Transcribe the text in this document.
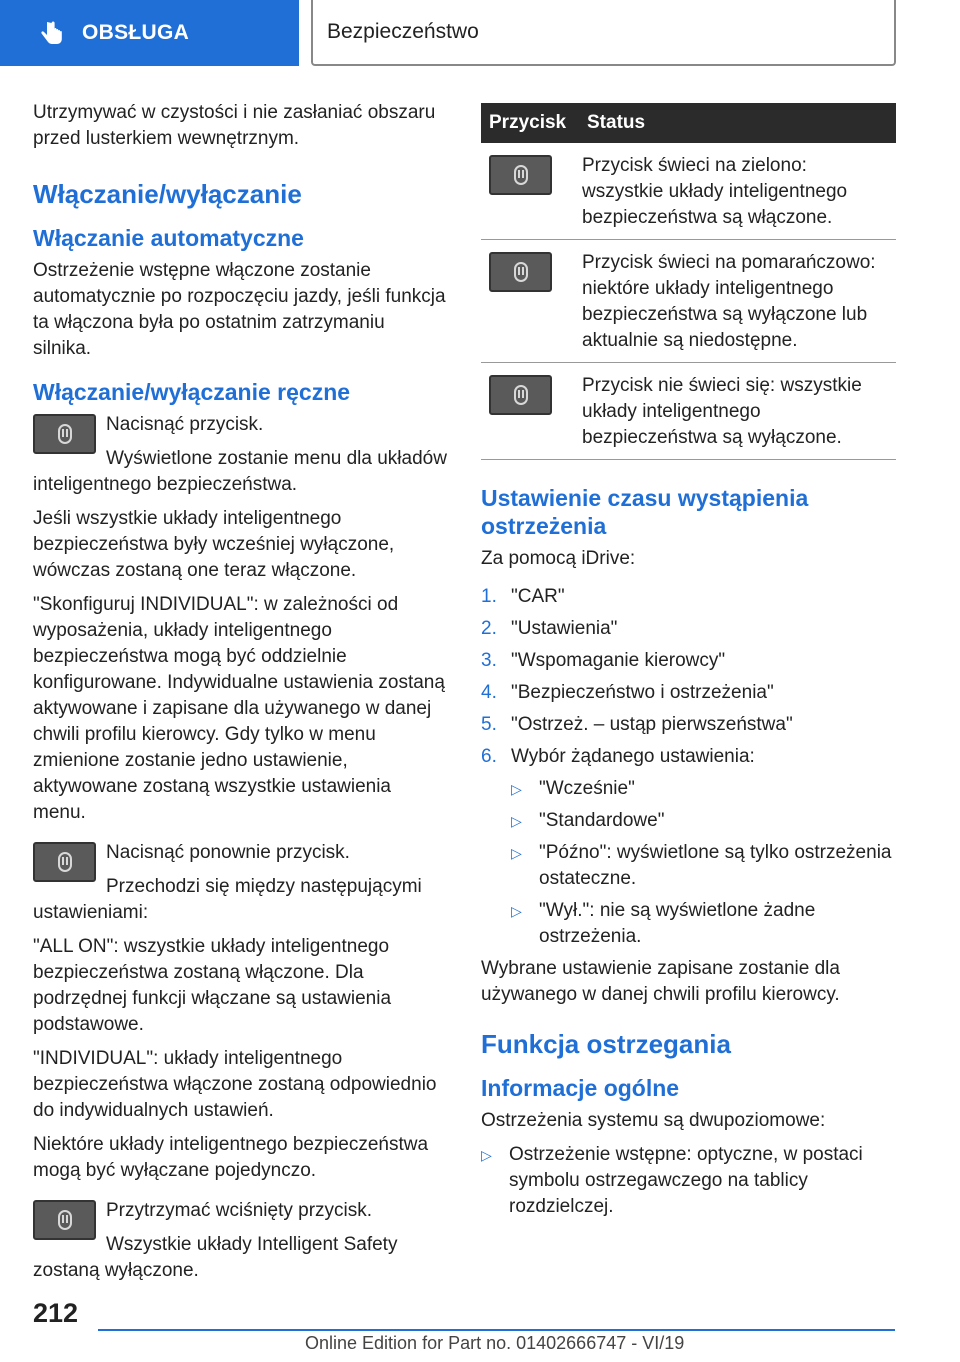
OBSŁUGA	Bezpieczeństwo

Utrzymywać w czystości i nie zasłaniać obszaru przed lusterkiem wewnętrznym.

Włączanie/wyłączanie
Włączanie automatyczne

Ostrzeżenie wstępne włączone zostanie automatycznie po rozpoczęciu jazdy, jeśli funkcja ta włączona była po ostatnim zatrzymaniu silnika.

Włączanie/wyłączanie ręczne

Nacisnąć przycisk.

Wyświetlone zostanie menu dla układów inteligentnego bezpieczeństwa.

Jeśli wszystkie układy inteligentnego bezpieczeństwa były wcześniej wyłączone, wówczas zostaną one teraz włączone.

"Skonfiguruj INDIVIDUAL": w zależności od wyposażenia, układy inteligentnego bezpieczeństwa mogą być oddzielnie konfigurowane. Indywidualne ustawienia zostaną aktywowane i zapisane dla używanego w danej chwili profilu kierowcy. Gdy tylko w menu zmienione zostanie jedno ustawienie, aktywowane zostaną wszystkie ustawienia menu.

Nacisnąć ponownie przycisk.

Przechodzi się między następującymi ustawieniami:

"ALL ON": wszystkie układy inteligentnego bezpieczeństwa zostaną włączone. Dla podrzędnej funkcji włączane są ustawienia podstawowe.

"INDIVIDUAL": układy inteligentnego bezpieczeństwa włączone zostaną odpowiednio do indywidualnych ustawień.

Niektóre układy inteligentnego bezpieczeństwa mogą być wyłączane pojedynczo.

Przytrzymać wciśnięty przycisk.

Wszystkie układy Intelligent Safety zostaną wyłączone.

Przycisk	Status

	Przycisk świeci na zielono: wszystkie układy inteligentnego bezpieczeństwa są włączone.

	Przycisk świeci na pomarańczowo: niektóre układy inteligentnego bezpieczeństwa są wyłączone lub aktualnie są niedostępne.

	Przycisk nie świeci się: wszystkie układy inteligentnego bezpieczeństwa są wyłączone.
Ustawienie czasu wystąpienia ostrzeżenia

Za pomocą iDrive:

1. "CAR"
2. "Ustawienia"
3. "Wspomaganie kierowcy"
4. "Bezpieczeństwo i ostrzeżenia"
5. "Ostrzeż. – ustąp pierwszeństwa"
6. Wybór żądanego ustawienia:
▷ "Wcześnie"
▷ "Standardowe"
▷ "Późno": wyświetlone są tylko ostrzeżenia ostateczne.
▷ "Wył.": nie są wyświetlone żadne ostrzeżenia.

Wybrane ustawienie zapisane zostanie dla używanego w danej chwili profilu kierowcy.

Funkcja ostrzegania
Informacje ogólne

Ostrzeżenia systemu są dwupoziomowe:

▷ Ostrzeżenie wstępne: optyczne, w postaci symbolu ostrzegawczego na tablicy rozdzielczej.
212
Online Edition for Part no. 01402666747 - VI/19
